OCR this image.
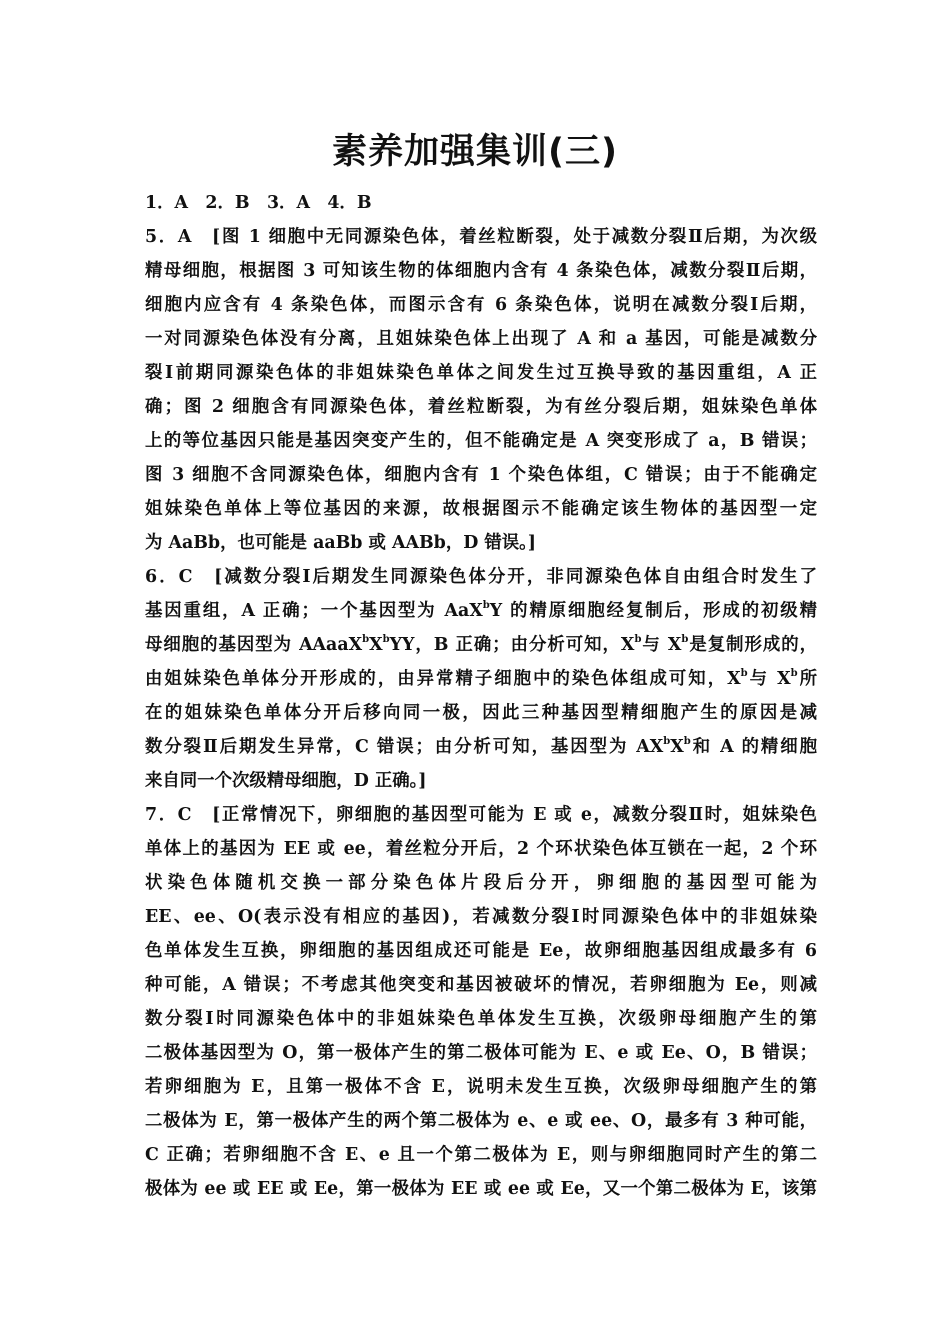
素养加强集训(三)

1．A　2．B　3．A　4．B

5．A　[图 1 细胞中无同源染色体，着丝粒断裂，处于减数分裂Ⅱ后期，为次级

精母细胞，根据图 3 可知该生物的体细胞内含有 4 条染色体，减数分裂Ⅱ后期，

细胞内应含有 4 条染色体，而图示含有 6 条染色体，说明在减数分裂Ⅰ后期，

一对同源染色体没有分离，且姐妹染色体上出现了 A 和 a 基因，可能是减数分

裂Ⅰ前期同源染色体的非姐妹染色单体之间发生过互换导致的基因重组，A 正

确；图 2 细胞含有同源染色体，着丝粒断裂，为有丝分裂后期，姐妹染色单体

上的等位基因只能是基因突变产生的，但不能确定是 A 突变形成了 a，B 错误；

图 3 细胞不含同源染色体，细胞内含有 1 个染色体组，C 错误；由于不能确定

姐妹染色单体上等位基因的来源，故根据图示不能确定该生物体的基因型一定

为 AaBb，也可能是 aaBb 或 AABb，D 错误。]

6．C　[减数分裂Ⅰ后期发生同源染色体分开，非同源染色体自由组合时发生了

基因重组，A 正确；一个基因型为 AaX$^b$Y 的精原细胞经复制后，形成的初级精

母细胞的基因型为 $AAaaX^bX^bYY$，B 正确；由分析可知，$X^b$与 $X^b$是复制形成的，

由姐妹染色单体分开形成的，由异常精子细胞中的染色体组成可知，$X^b$与 $X^b$所

在的姐妹染色单体分开后移向同一极，因此三种基因型精细胞产生的原因是减

数分裂Ⅱ后期发生异常，C 错误；由分析可知，基因型为 $AX^bX^b$和 A 的精细胞

来自同一个次级精母细胞，D 正确。]

7．C　[正常情况下，卵细胞的基因型可能为 E 或 e，减数分裂Ⅱ时，姐妹染色

单体上的基因为 EE 或 ee，着丝粒分开后，2 个环状染色体互锁在一起，2 个环

状染色体随机交换一部分染色体片段后分开，卵细胞的基因型可能为

EE、ee、O(表示没有相应的基因)，若减数分裂Ⅰ时同源染色体中的非姐妹染

色单体发生互换，卵细胞的基因组成还可能是 Ee，故卵细胞基因组成最多有 6

种可能，A 错误；不考虑其他突变和基因被破坏的情况，若卵细胞为 Ee，则减

数分裂Ⅰ时同源染色体中的非姐妹染色单体发生互换，次级卵母细胞产生的第

二极体基因型为 O，第一极体产生的第二极体可能为 E、e 或 Ee、O，B 错误；

若卵细胞为 E，且第一极体不含 E，说明未发生互换，次级卵母细胞产生的第

二极体为 E，第一极体产生的两个第二极体为 e、e 或 ee、O，最多有 3 种可能，

C 正确；若卵细胞不含 E、e 且一个第二极体为 E，则与卵细胞同时产生的第二

极体为 ee 或 EE 或 Ee，第一极体为 EE 或 ee 或 Ee，又一个第二极体为 E，该第
